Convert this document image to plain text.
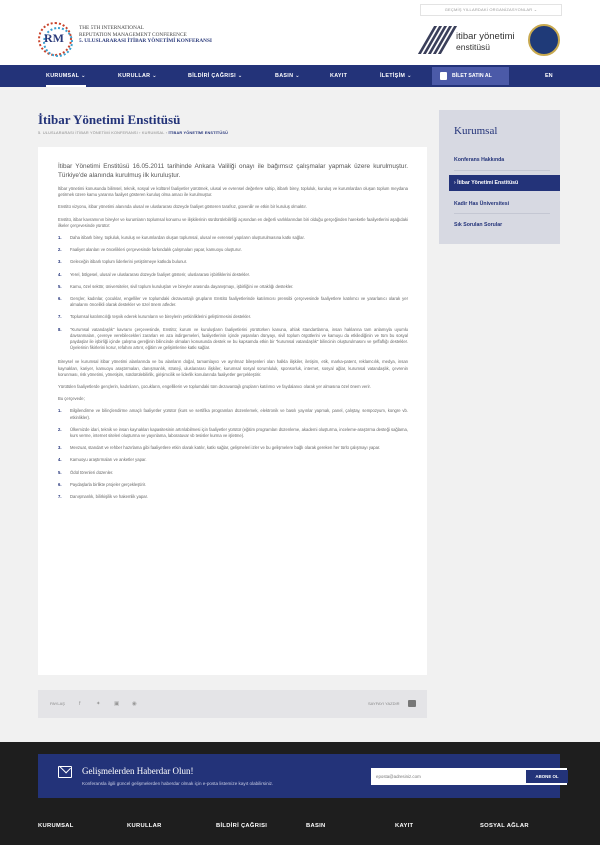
GEÇMİŞ YILLARDAKİ ORGANİZASYONLAR ⌄
RM
THE 5TH INTERNATIONAL
REPUTATION MANAGEMENT CONFERENCE
5. ULUSLARARASI İTİBAR YÖNETİMİ KONFERANSI	itibar yönetimi
enstitüsü
KURUMSAL ⌄	KURULLAR ⌄	BİLDİRİ ÇAĞRISI ⌄	BASIN ⌄	KAYIT	İLETİŞİM ⌄	BİLET SATIN AL	EN
İtibar Yönetimi Enstitüsü
5. ULUSLARARASI İTİBAR YÖNETİMİ KONFERANSI › KURUMSAL › İTİBAR YÖNETİMİ ENSTİTÜSÜ

İtibar Yönetimi Enstitüsü 16.05.2011 tarihinde Ankara Valiliği onayı ile bağımsız çalışmalar yapmak üzere kurulmuştur. Türkiye'de alanında kurulmuş ilk kuruluştur.

İtibar yönetimi konusunda bilimsel, teknik, sosyal ve kültürel faaliyetler yürütmek, ulusal ve evrensel değerlere sahip, itibarlı birey, topluluk, kuruluş ve kurumlardan oluşan toplum meydana getirmek üzere kamu yararına faaliyet gösteren kuruluş olma amacı ile kurulmuştur.

Enstitü vizyonu, itibar yönetimi alanında ulusal ve uluslararası düzeyde faaliyet gösteren tarafsız, güvenilir ve etkin bir kuruluş olmaktır.

Enstitü, itibar kavramının bireyler ve kurumların toplumsal konumu ve ilişkilerinin sürdürülebilirliği açısından en değerli varlıklarından biri olduğu gerçeğinden hareketle faaliyetlerini aşağıdaki ilkeler çerçevesinde yürütür:

1. Daha itibarlı birey, topluluk, kuruluş ve kurumlardan oluşan toplumsal, ulusal ve evrensel yapıların oluşturulmasına katkı sağlar.
2. Faaliyet alanları ve öncelikleri çerçevesinde farkındalık çalışmaları yapar, kamuoyu oluşturur.
3. Geleceğin itibarlı toplum liderlerini yetiştirmeye katkıda bulunur.
4. Yerel, bölgesel, ulusal ve uluslararası düzeyde faaliyet gösterir, uluslararası işbirliklerini destekler.
5. Kamu, özel sektör, üniversiteler, sivil toplum kuruluşları ve bireyler arasında dayanışmayı, işbirliğini ve ortaklığı destekler.
6. Gençler, kadınlar, çocuklar, engelliler ve toplumdaki dezavantajlı grupların Enstitü faaliyetlerinde katılımcısı prensibi çerçevesinde faaliyetlere katılımcı ve yararlanıcı olarak yer almalarını öncelikli olarak destekler ve özel önem atfeder.
7. Toplumsal katılımcılığı teşvik ederek kurumların ve bireylerin yetkinliklerini geliştirmesini destekler.
8. "Kurumsal vatandaşlık" kavramı çerçevesinde, Enstitü; kurum ve kuruluşların faaliyetlerini yürütürken kanuna, ahlak standartlarına, insan haklarına tam anlamıyla uyumlu davranmaları, çevreye verebilecekleri zararları en aza indirgemeleri, faaliyetlerinin içinde yaşanılan dünyayı, sivil toplum örgütlerini ve kamuyu da etkilediğinin ve tüm bu sosyal paydaşlar ile işbirliği içinde çalışma gereğinin bilincinde olmaları konusunda destek ve bu kapsamda etkin bir "kurumsal vatandaşlık" bilincinin oluşturulmasını ve şeffaflığı destekler. Üyelerinin fikirlerini korur, refahını artırır, eğitim ve gelişimlerine katkı sağlar.

Bireysel ve kurumsal itibar yönetimi alanlarında ve bu alanların doğal, tamamlayıcı ve ayrılmaz bileşenleri olan halkla ilişkiler, iletişim, etik, marka-patent, reklamcılık, medya, insan kaynakları, kariyer, kamuoyu araştırmaları, danışmanlık, strateji, uluslararası ilişkiler, kurumsal sosyal sorumluluk, sponsorluk, internet, sosyal ağlar, kurumsal vatandaşlık, çevrenin korunması, risk yönetimi, yönetişim, sürdürülebilirlik, girişimcilik ve liderlik konularında faaliyetler gerçekleştirir.

Yürütülen faaliyetlerde gençlerin, kadınların, çocukların, engellilerin ve toplumdaki tüm dezavantajlı grupların katılımcı ve faydalanıcı olarak yer almasına özel önem verir.

Bu çerçevede;

1. Bilgilendirme ve bilinçlendirme amaçlı faaliyetler yürütür (kurs ve sertifika programları düzenlemek, elektronik ve basılı yayınlar yapmak, panel, çalıştay, sempozyum, kongre vb. etkinlikler).
2. Ülkemizde idari, teknik ve insan kaynakları kapasitesinin artırılabilmesi için faaliyetler yürütür (eğitim programları düzenleme, akademi oluşturma, inceleme-araştırma desteği sağlama, kurs verme, internet siteleri oluşturma ve yayınlama, laboratuvar vb tesisler kurma ve işletme).
3. Mevzuat, standart ve rehber hazırlama gibi faaliyetlere etkin olarak katılır, katkı sağlar, gelişmeleri izler ve bu gelişmelere bağlı olarak gereken her türlü çalışmayı yapar.
4. Kamuoyu araştırmaları ve anketler yapar.
5. Ödül törenleri düzenler.
6. Paydaşlarla birlikte projeler gerçekleştirir.
7. Danışmanlık, bilirkişilik ve hakemlik yapar.
Kurumsal
Konferans Hakkında
› İtibar Yönetimi Enstitüsü
Kadir Has Üniversitesi
Sık Sorulan Sorular
PAYLAŞ	f	✦ ▣ ◉	SAYFAYI YAZDIR
Gelişmelerden Haberdar Olun!
Konferansla ilgili güncel gelişmelerden haberdar olmak için e-posta listemize kayıt olabilirsiniz.
eposta@adresiniz.com
ABONE OL
KURUMSAL	KURULLAR	BİLDİRİ ÇAĞRISI	BASIN	KAYIT	SOSYAL AĞLAR
